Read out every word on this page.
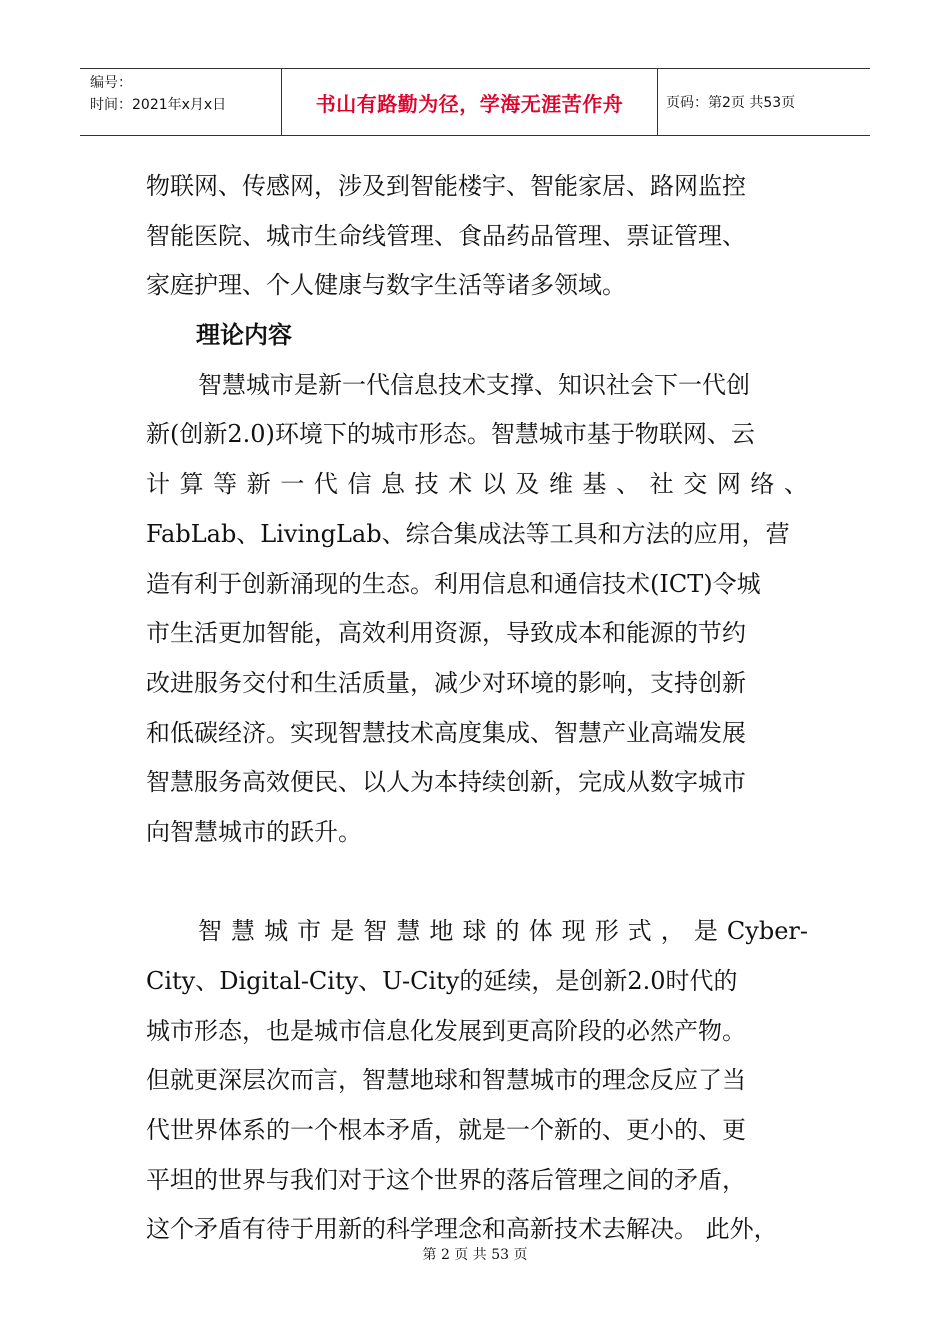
编号：
时间：2021年x月x日	书山有路勤为径，学海无涯苦作舟	页码：第2页 共53页
物联网、传感网，涉及到智能楼宇、智能家居、路网监控
智能医院、城市生命线管理、食品药品管理、票证管理、
家庭护理、个人健康与数字生活等诸多领域。
理论内容
智慧城市是新一代信息技术支撑、知识社会下一代创
新(创新2.0)环境下的城市形态。智慧城市基于物联网、云
计算等新一代信息技术以及维基、社交网络、
FabLab、LivingLab、综合集成法等工具和方法的应用，营
造有利于创新涌现的生态。利用信息和通信技术(ICT)令城
市生活更加智能，高效利用资源，导致成本和能源的节约
改进服务交付和生活质量，减少对环境的影响，支持创新
和低碳经济。实现智慧技术高度集成、智慧产业高端发展
智慧服务高效便民、以人为本持续创新，完成从数字城市
向智慧城市的跃升。
智慧城市是智慧地球的体现形式，是Cyber-
City、Digital-City、U-City的延续，是创新2.0时代的
城市形态，也是城市信息化发展到更高阶段的必然产物。
但就更深层次而言，智慧地球和智慧城市的理念反应了当
代世界体系的一个根本矛盾，就是一个新的、更小的、更
平坦的世界与我们对于这个世界的落后管理之间的矛盾，
这个矛盾有待于用新的科学理念和高新技术去解决。 此外，
第 2 页 共 53 页
